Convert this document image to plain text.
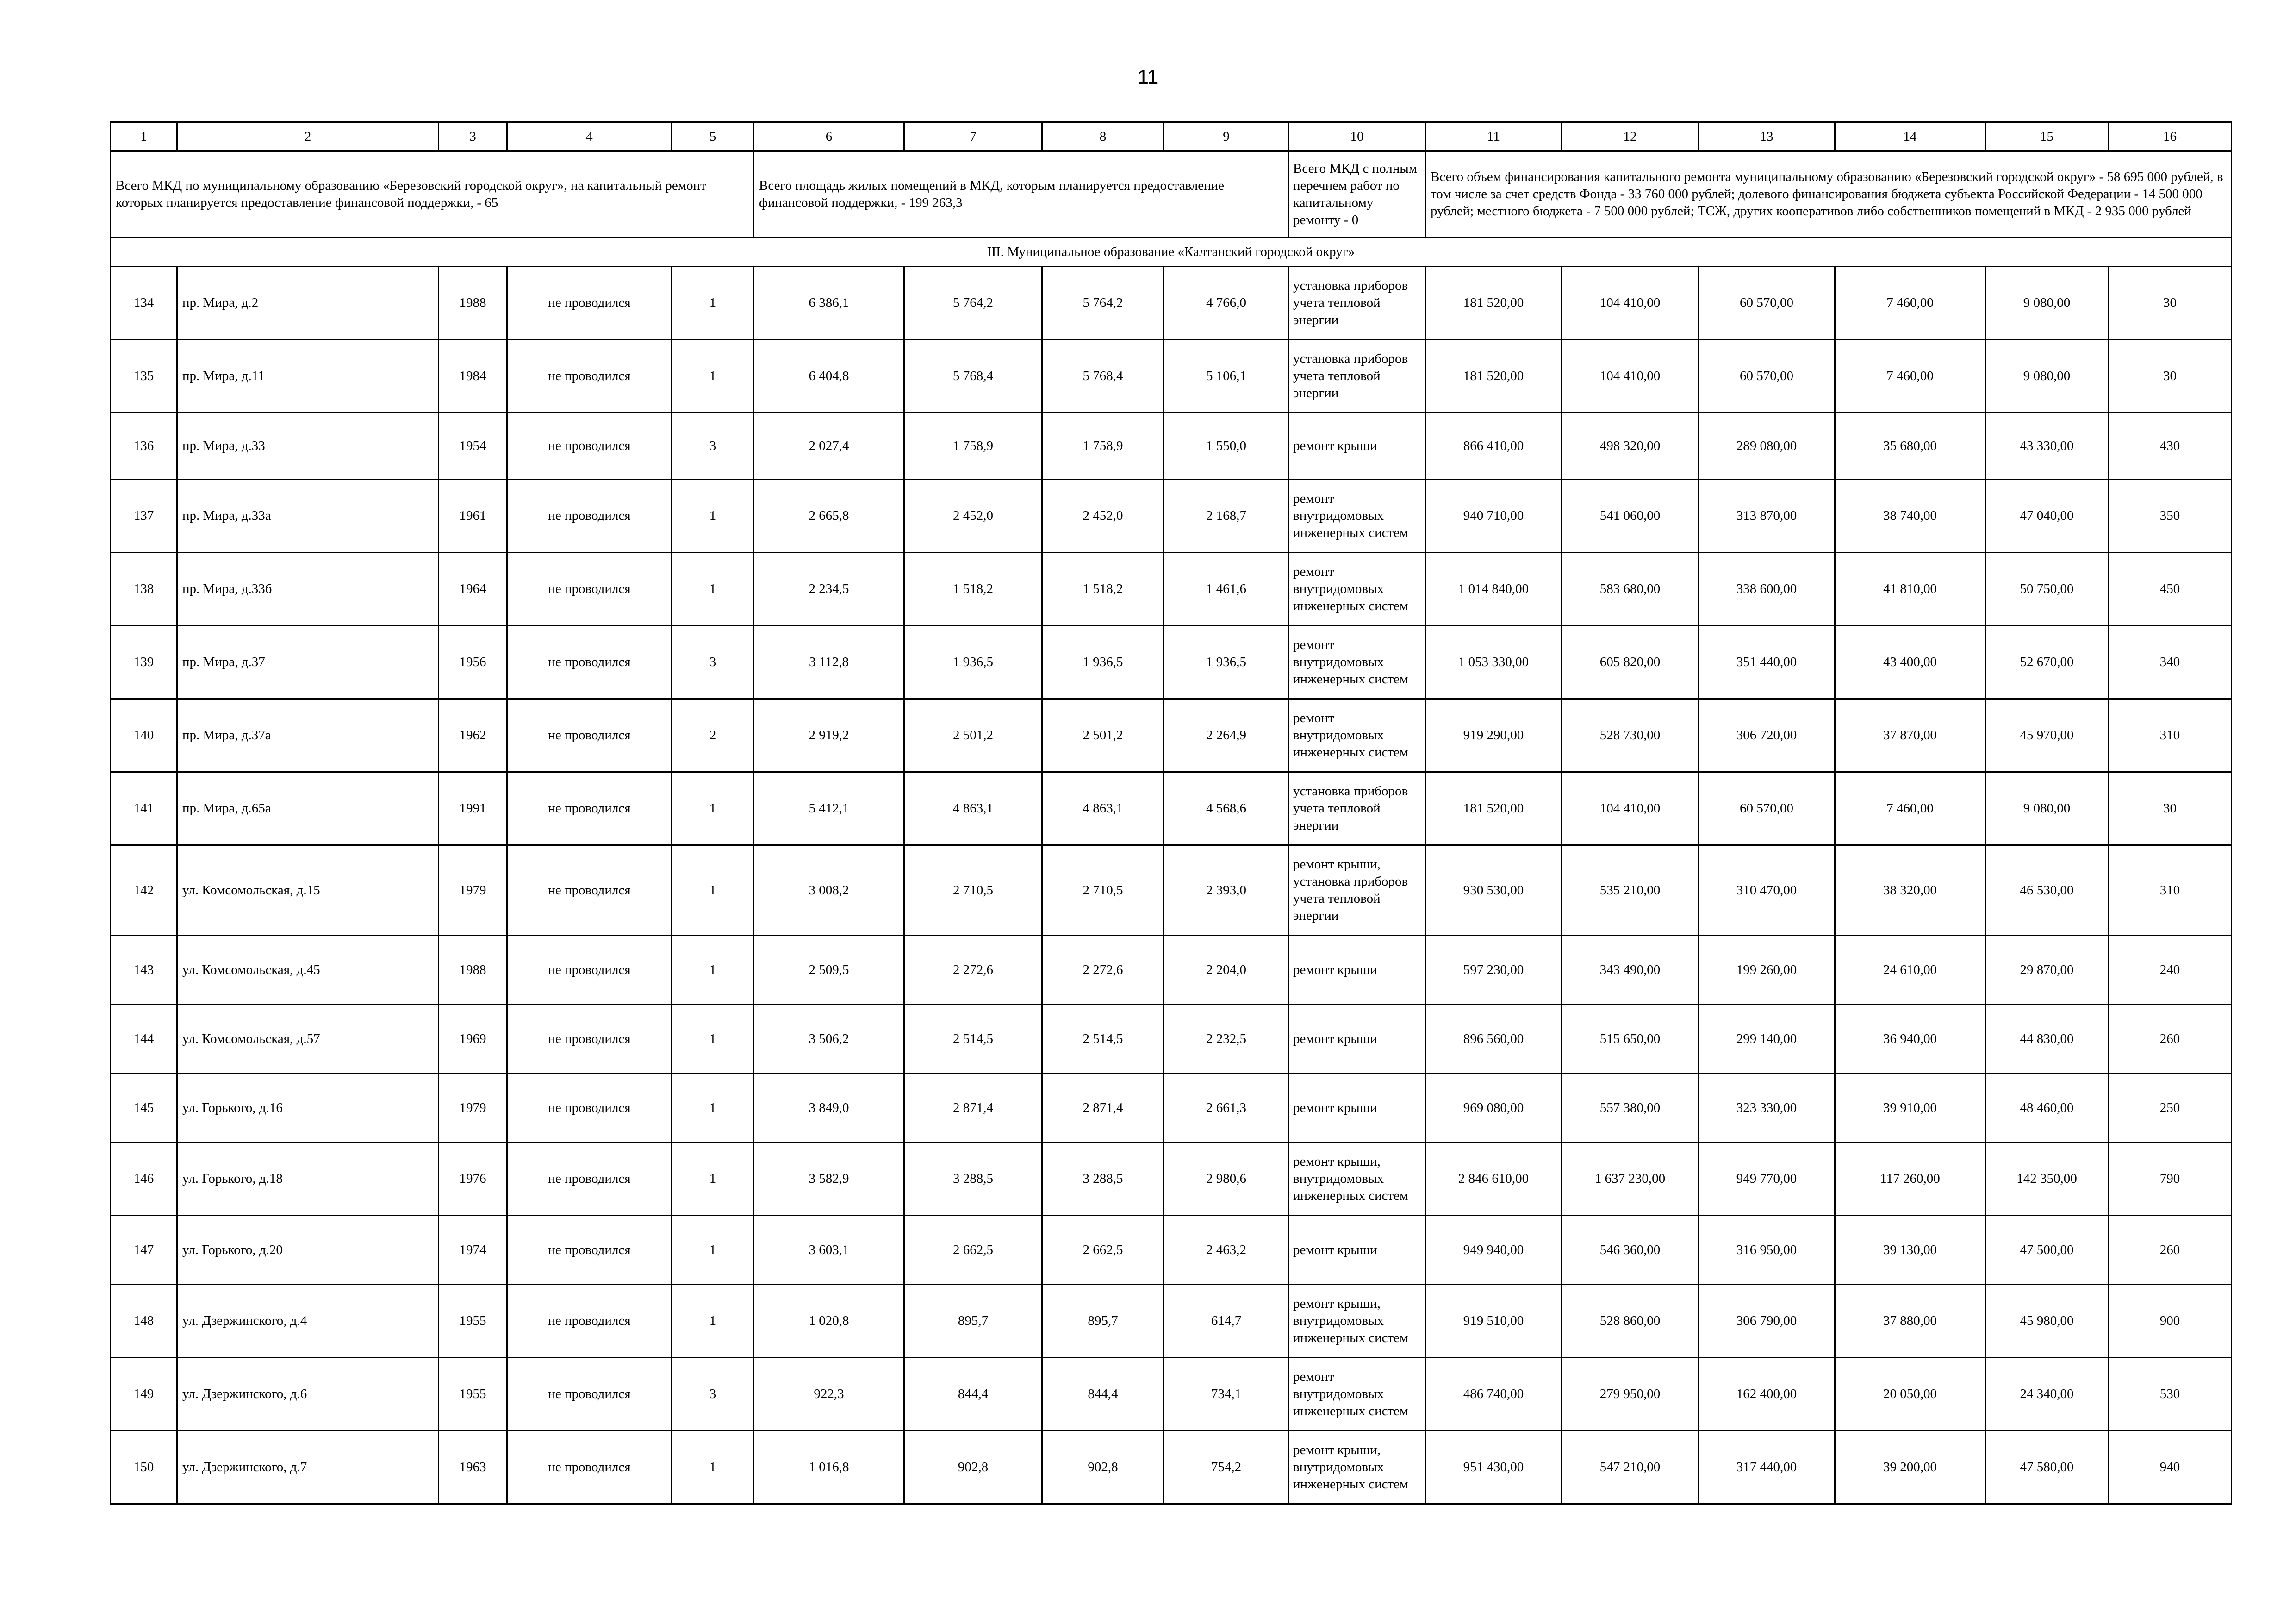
11
1	2	3	4	5	6	7	8	9	10	11	12	13	14	15	16
Всего МКД по муниципальному образованию «Березовский городской округ», на капитальный ремонт которых планируется предоставление финансовой поддержки, - 65					Всего площадь жилых помещений в МКД, которым планируется предоставление финансовой поддержки, - 199 263,3				Всего МКД с полным перечнем работ по капитальному ремонту - 0	Всего объем финансирования капитального ремонта муниципальному образованию «Березовский городской округ» - 58 695 000 рублей, в том числе за счет средств Фонда - 33 760 000 рублей; долевого финансирования бюджета субъекта Российской Федерации - 14 500 000 рублей; местного бюджета - 7 500 000 рублей; ТСЖ, других кооперативов либо собственников помещений в МКД - 2 935 000 рублей					
III. Муниципальное образование «Калтанский городской округ»															
134	пр. Мира, д.2	1988	не проводился	1	6 386,1	5 764,2	5 764,2	4 766,0	установка приборов учета тепловой энергии	181 520,00	104 410,00	60 570,00	7 460,00	9 080,00	30
135	пр. Мира, д.11	1984	не проводился	1	6 404,8	5 768,4	5 768,4	5 106,1	установка приборов учета тепловой энергии	181 520,00	104 410,00	60 570,00	7 460,00	9 080,00	30
136	пр. Мира, д.33	1954	не проводился	3	2 027,4	1 758,9	1 758,9	1 550,0	ремонт крыши	866 410,00	498 320,00	289 080,00	35 680,00	43 330,00	430
137	пр. Мира, д.33а	1961	не проводился	1	2 665,8	2 452,0	2 452,0	2 168,7	ремонт внутридомовых инженерных систем	940 710,00	541 060,00	313 870,00	38 740,00	47 040,00	350
138	пр. Мира, д.33б	1964	не проводился	1	2 234,5	1 518,2	1 518,2	1 461,6	ремонт внутридомовых инженерных систем	1 014 840,00	583 680,00	338 600,00	41 810,00	50 750,00	450
139	пр. Мира, д.37	1956	не проводился	3	3 112,8	1 936,5	1 936,5	1 936,5	ремонт внутридомовых инженерных систем	1 053 330,00	605 820,00	351 440,00	43 400,00	52 670,00	340
140	пр. Мира, д.37а	1962	не проводился	2	2 919,2	2 501,2	2 501,2	2 264,9	ремонт внутридомовых инженерных систем	919 290,00	528 730,00	306 720,00	37 870,00	45 970,00	310
141	пр. Мира, д.65а	1991	не проводился	1	5 412,1	4 863,1	4 863,1	4 568,6	установка приборов учета тепловой энергии	181 520,00	104 410,00	60 570,00	7 460,00	9 080,00	30
142	ул. Комсомольская, д.15	1979	не проводился	1	3 008,2	2 710,5	2 710,5	2 393,0	ремонт крыши, установка приборов учета тепловой энергии	930 530,00	535 210,00	310 470,00	38 320,00	46 530,00	310
143	ул. Комсомольская, д.45	1988	не проводился	1	2 509,5	2 272,6	2 272,6	2 204,0	ремонт крыши	597 230,00	343 490,00	199 260,00	24 610,00	29 870,00	240
144	ул. Комсомольская, д.57	1969	не проводился	1	3 506,2	2 514,5	2 514,5	2 232,5	ремонт крыши	896 560,00	515 650,00	299 140,00	36 940,00	44 830,00	260
145	ул. Горького, д.16	1979	не проводился	1	3 849,0	2 871,4	2 871,4	2 661,3	ремонт крыши	969 080,00	557 380,00	323 330,00	39 910,00	48 460,00	250
146	ул. Горького, д.18	1976	не проводился	1	3 582,9	3 288,5	3 288,5	2 980,6	ремонт крыши, внутридомовых инженерных систем	2 846 610,00	1 637 230,00	949 770,00	117 260,00	142 350,00	790
147	ул. Горького, д.20	1974	не проводился	1	3 603,1	2 662,5	2 662,5	2 463,2	ремонт крыши	949 940,00	546 360,00	316 950,00	39 130,00	47 500,00	260
148	ул. Дзержинского, д.4	1955	не проводился	1	1 020,8	895,7	895,7	614,7	ремонт крыши, внутридомовых инженерных систем	919 510,00	528 860,00	306 790,00	37 880,00	45 980,00	900
149	ул. Дзержинского, д.6	1955	не проводился	3	922,3	844,4	844,4	734,1	ремонт внутридомовых инженерных систем	486 740,00	279 950,00	162 400,00	20 050,00	24 340,00	530
150	ул. Дзержинского, д.7	1963	не проводился	1	1 016,8	902,8	902,8	754,2	ремонт крыши, внутридомовых инженерных систем	951 430,00	547 210,00	317 440,00	39 200,00	47 580,00	940
